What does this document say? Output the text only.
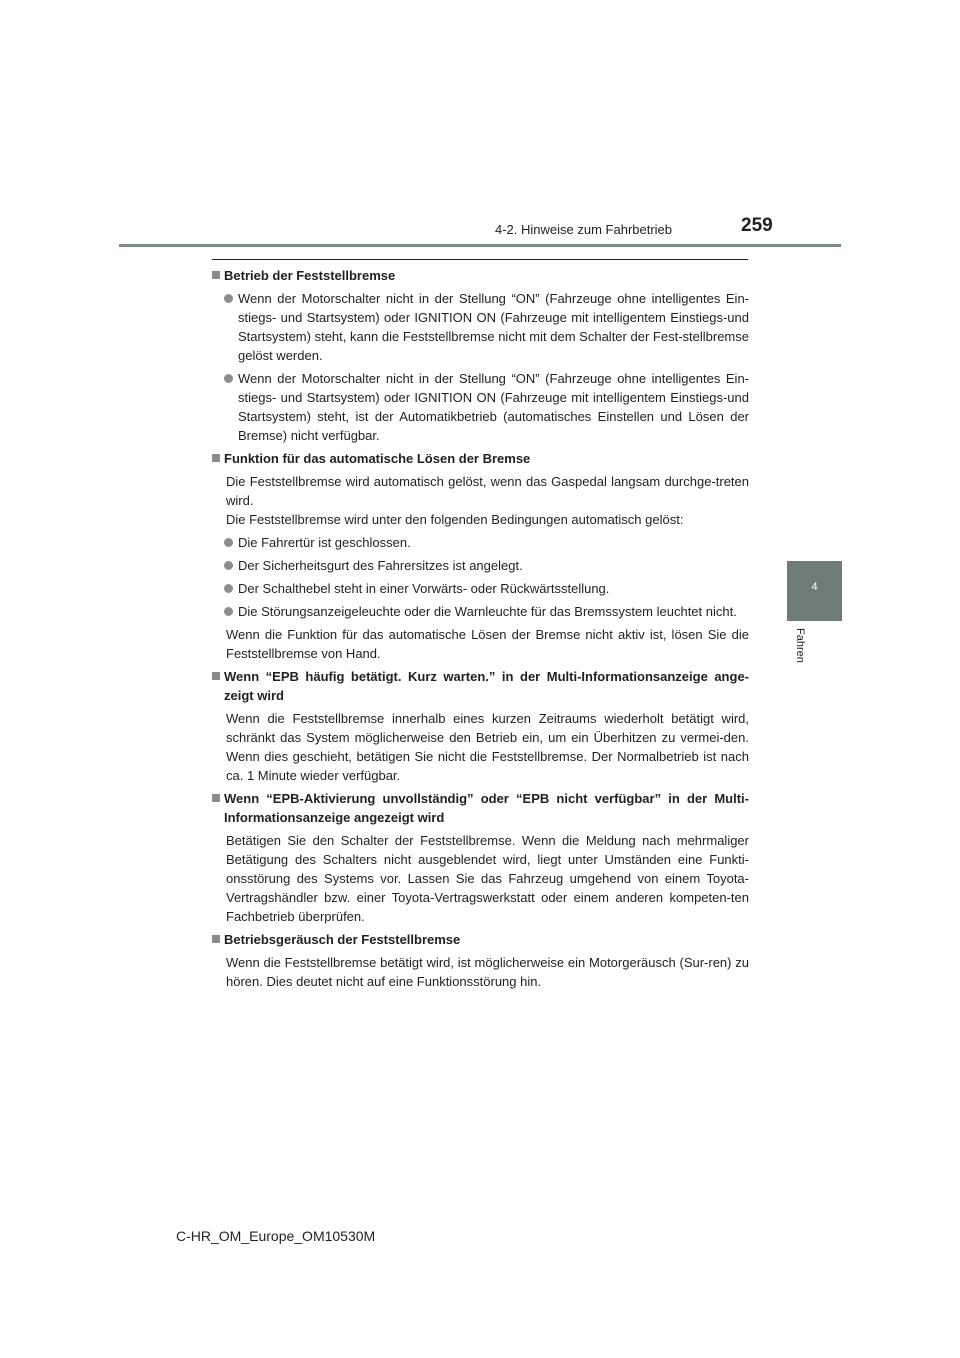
4-2. Hinweise zum Fahrbetrieb	259
4
Fahren
Betrieb der Feststellbremse
Wenn der Motorschalter nicht in der Stellung “ON” (Fahrzeuge ohne intelligentes Ein-stiegs- und Startsystem) oder IGNITION ON (Fahrzeuge mit intelligentem Einstiegs-und Startsystem) steht, kann die Feststellbremse nicht mit dem Schalter der Fest-stellbremse gelöst werden.
Wenn der Motorschalter nicht in der Stellung “ON” (Fahrzeuge ohne intelligentes Ein-stiegs- und Startsystem) oder IGNITION ON (Fahrzeuge mit intelligentem Einstiegs-und Startsystem) steht, ist der Automatikbetrieb (automatisches Einstellen und Lösen der Bremse) nicht verfügbar.
Funktion für das automatische Lösen der Bremse
Die Feststellbremse wird automatisch gelöst, wenn das Gaspedal langsam durchge-treten wird.
Die Feststellbremse wird unter den folgenden Bedingungen automatisch gelöst:
Die Fahrertür ist geschlossen.
Der Sicherheitsgurt des Fahrersitzes ist angelegt.
Der Schalthebel steht in einer Vorwärts- oder Rückwärtsstellung.
Die Störungsanzeigeleuchte oder die Warnleuchte für das Bremssystem leuchtet nicht.
Wenn die Funktion für das automatische Lösen der Bremse nicht aktiv ist, lösen Sie die Feststellbremse von Hand.
Wenn “EPB häufig betätigt. Kurz warten.” in der Multi-Informationsanzeige ange-zeigt wird
Wenn die Feststellbremse innerhalb eines kurzen Zeitraums wiederholt betätigt wird, schränkt das System möglicherweise den Betrieb ein, um ein Überhitzen zu vermei-den. Wenn dies geschieht, betätigen Sie nicht die Feststellbremse. Der Normalbetrieb ist nach ca. 1 Minute wieder verfügbar.
Wenn “EPB-Aktivierung unvollständig” oder “EPB nicht verfügbar” in der Multi-Informationsanzeige angezeigt wird
Betätigen Sie den Schalter der Feststellbremse. Wenn die Meldung nach mehrmaliger Betätigung des Schalters nicht ausgeblendet wird, liegt unter Umständen eine Funkti-onsstörung des Systems vor. Lassen Sie das Fahrzeug umgehend von einem Toyota-Vertragshändler bzw. einer Toyota-Vertragswerkstatt oder einem anderen kompeten-ten Fachbetrieb überprüfen.
Betriebsgeräusch der Feststellbremse
Wenn die Feststellbremse betätigt wird, ist möglicherweise ein Motorgeräusch (Sur-ren) zu hören. Dies deutet nicht auf eine Funktionsstörung hin.
C-HR_OM_Europe_OM10530M
